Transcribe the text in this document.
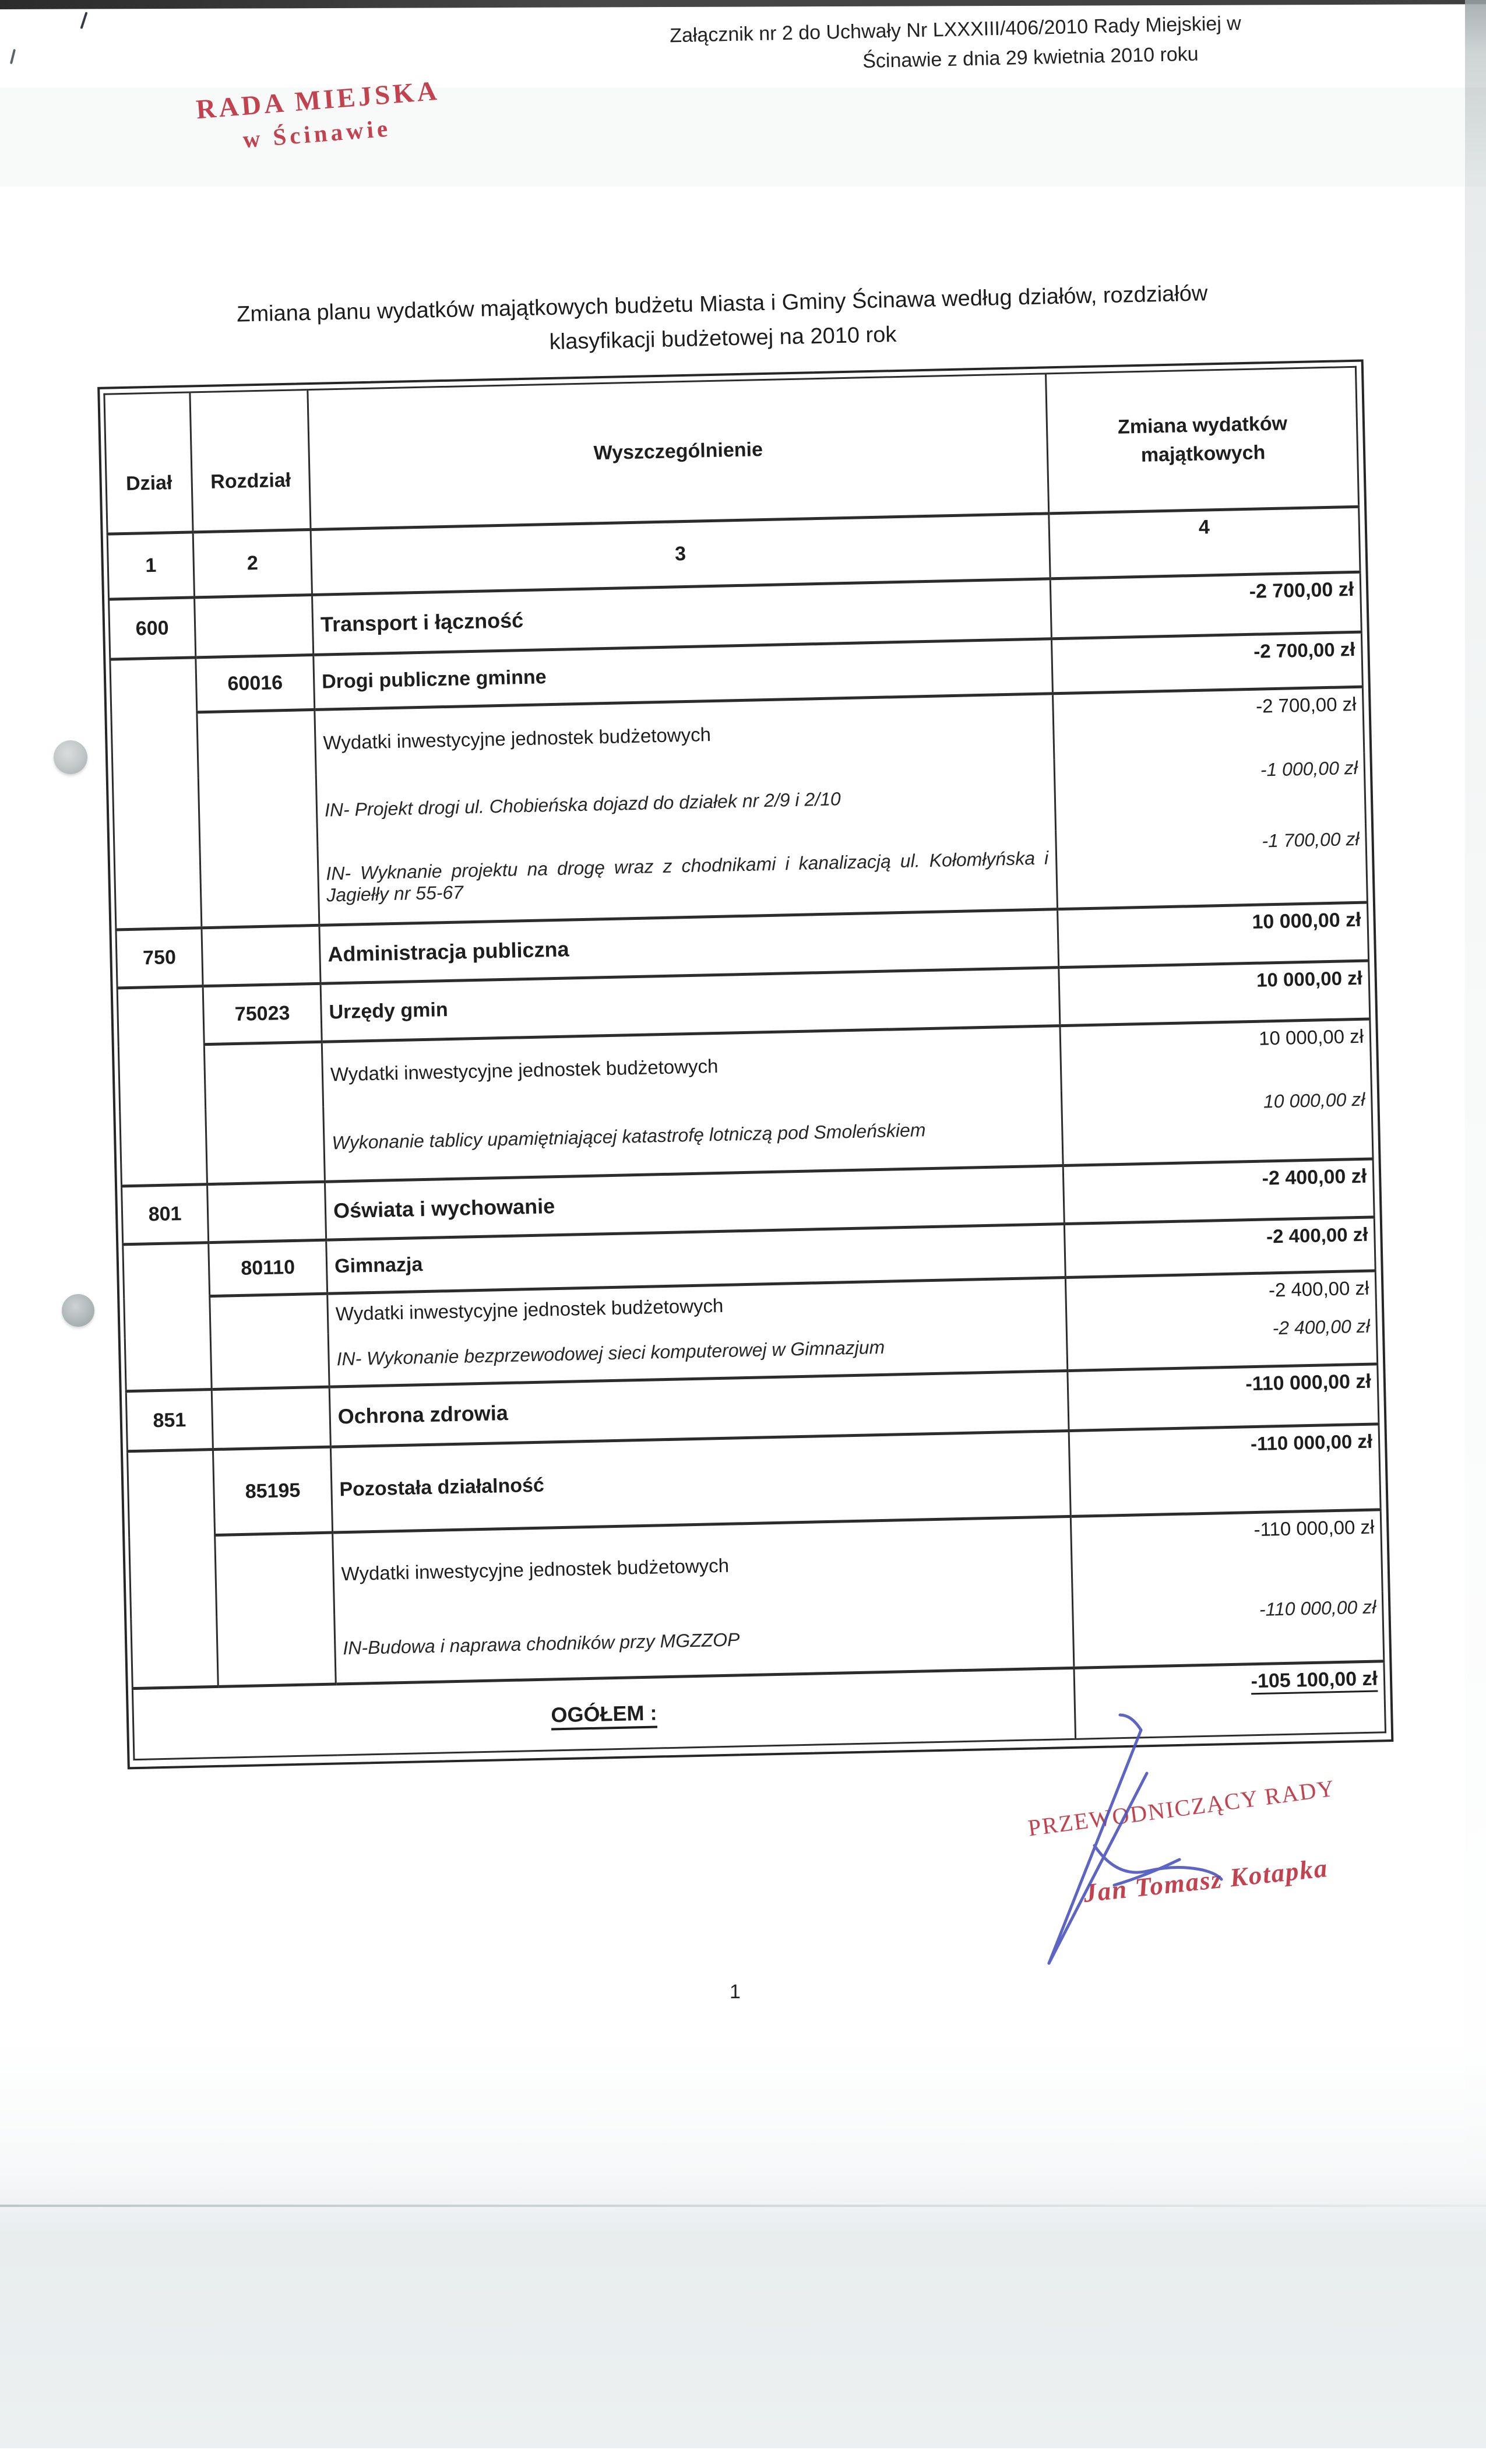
Załącznik nr 2 do Uchwały Nr LXXXIII/406/2010 Rady Miejskiej w
Ścinawie z dnia 29 kwietnia 2010 roku
Zmiana planu wydatków majątkowych budżetu Miasta i Gminy Ścinawa według działów, rozdziałów
klasyfikacji budżetowej na 2010 rok
Dział	Rozdział	Wyszczególnienie	Zmiana wydatków
majątkowych
1	2	3	4
600		Transport i łączność	-2 700,00 zł
	60016	Drogi publiczne gminne	-2 700,00 zł
		Wydatki inwestycyjne jednostek budżetowych	-2 700,00 zł
		IN- Projekt drogi ul. Chobieńska dojazd do działek nr 2/9 i 2/10	-1 000,00 zł
		IN- Wyknanie projektu na drogę wraz z chodnikami i kanalizacją ul. Kołomłyńska i Jagiełły nr 55-67	-1 700,00 zł
750		Administracja publiczna	10 000,00 zł
	75023	Urzędy gmin	10 000,00 zł
		Wydatki inwestycyjne jednostek budżetowych	10 000,00 zł
		Wykonanie tablicy upamiętniającej katastrofę lotniczą pod Smoleńskiem	10 000,00 zł
801		Oświata i wychowanie	-2 400,00 zł
	80110	Gimnazja	-2 400,00 zł
		Wydatki inwestycyjne jednostek budżetowych	-2 400,00 zł
		IN- Wykonanie bezprzewodowej sieci komputerowej w Gimnazjum	-2 400,00 zł
851		Ochrona zdrowia	-110 000,00 zł
	85195	Pozostała działalność	-110 000,00 zł
		Wydatki inwestycyjne jednostek budżetowych	-110 000,00 zł
		IN-Budowa i naprawa chodników przy MGZZOP	-110 000,00 zł
OGÓŁEM :			-105 100,00 zł
RADA MIEJSKA
w Ścinawie
PRZEWODNICZĄCY RADY
Jan Tomasz Kotapka
1
